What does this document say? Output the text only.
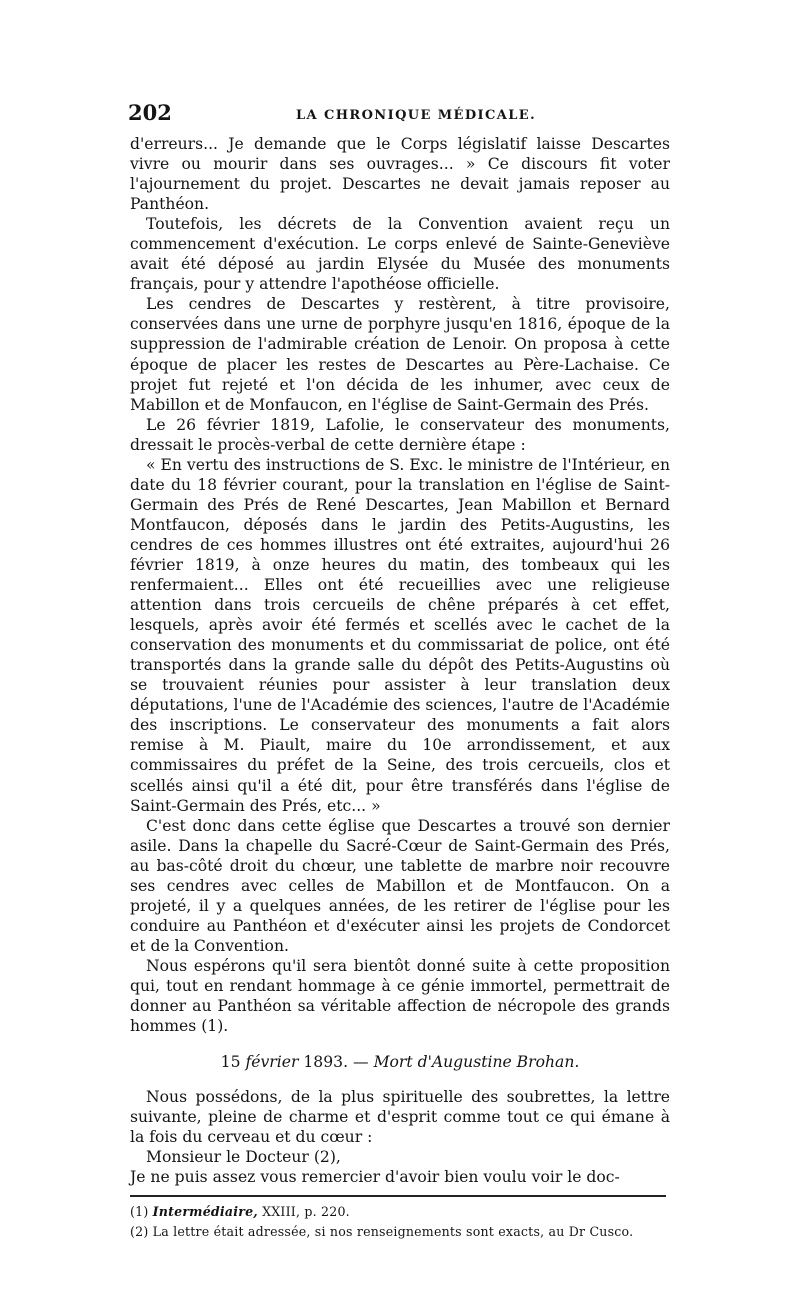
202	LA CHRONIQUE MÉDICALE.

d'erreurs... Je demande que le Corps législatif laisse Descartes vivre ou mourir dans ses ouvrages... » Ce discours fit voter l'ajournement du projet. Descartes ne devait jamais reposer au Panthéon.

Toutefois, les décrets de la Convention avaient reçu un commencement d'exécution. Le corps enlevé de Sainte-Geneviève avait été déposé au jardin Elysée du Musée des monuments français, pour y attendre l'apothéose officielle.

Les cendres de Descartes y restèrent, à titre provisoire, conservées dans une urne de porphyre jusqu'en 1816, époque de la suppression de l'admirable création de Lenoir. On proposa à cette époque de placer les restes de Descartes au Père-Lachaise. Ce projet fut rejeté et l'on décida de les inhumer, avec ceux de Mabillon et de Monfaucon, en l'église de Saint-Germain des Prés.

Le 26 février 1819, Lafolie, le conservateur des monuments, dressait le procès-verbal de cette dernière étape :

« En vertu des instructions de S. Exc. le ministre de l'Intérieur, en date du 18 février courant, pour la translation en l'église de Saint-Germain des Prés de René Descartes, Jean Mabillon et Bernard Montfaucon, déposés dans le jardin des Petits-Augustins, les cendres de ces hommes illustres ont été extraites, aujourd'hui 26 février 1819, à onze heures du matin, des tombeaux qui les renfermaient... Elles ont été recueillies avec une religieuse attention dans trois cercueils de chêne préparés à cet effet, lesquels, après avoir été fermés et scellés avec le cachet de la conservation des monuments et du commissariat de police, ont été transportés dans la grande salle du dépôt des Petits-Augustins où se trouvaient réunies pour assister à leur translation deux députations, l'une de l'Académie des sciences, l'autre de l'Académie des inscriptions. Le conservateur des monuments a fait alors remise à M. Piault, maire du 10e arrondissement, et aux commissaires du préfet de la Seine, des trois cercueils, clos et scellés ainsi qu'il a été dit, pour être transférés dans l'église de Saint-Germain des Prés, etc... »

C'est donc dans cette église que Descartes a trouvé son dernier asile. Dans la chapelle du Sacré-Cœur de Saint-Germain des Prés, au bas-côté droit du chœur, une tablette de marbre noir recouvre ses cendres avec celles de Mabillon et de Montfaucon. On a projeté, il y a quelques années, de les retirer de l'église pour les conduire au Panthéon et d'exécuter ainsi les projets de Condorcet et de la Convention.

Nous espérons qu'il sera bientôt donné suite à cette proposition qui, tout en rendant hommage à ce génie immortel, permettrait de donner au Panthéon sa véritable affection de nécropole des grands hommes (1).

15 février 1893. — Mort d'Augustine Brohan.

Nous possédons, de la plus spirituelle des soubrettes, la lettre suivante, pleine de charme et d'esprit comme tout ce qui émane à la fois du cerveau et du cœur :

Monsieur le Docteur (2),

Je ne puis assez vous remercier d'avoir bien voulu voir le doc-

(1) Intermédiaire, XXIII, p. 220.

(2) La lettre était adressée, si nos renseignements sont exacts, au Dr Cusco.
